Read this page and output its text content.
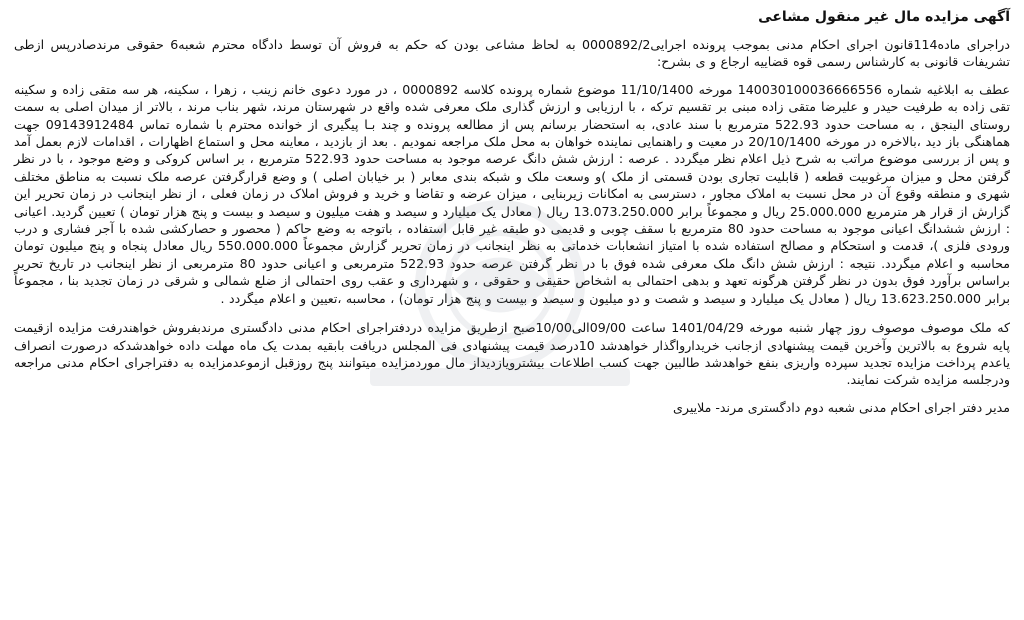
آگهی مزایده مال غیر منقول مشاعی

دراجرای ماده114قانون اجرای احکام مدنی بموجب پرونده اجرایی0000892/2 به لحاظ مشاعی بودن که حکم به فروش آن توسط دادگاه محترم شعبه6 حقوقی مرندصادرپس ازطی تشریفات قانونی به کارشناس رسمی قوه قضاییه ارجاع و ی بشرح:

عطف به ابلاغیه شماره 140030100036666556 مورخه 11/10/1400 موضوع شماره پرونده کلاسه 0000892 ، در مورد دعوی خانم زینب ، زهرا ، سکینه، هر سه متقی زاده و سکینه تقی زاده به طرفیت حیدر و علیرضا متقی زاده مبنی بر تقسیم ترکه ، با ارزیابی و ارزش گذاری ملک معرفی شده واقع در شهرستان مرند، شهر بناب مرند ، بالاتر از میدان اصلی به سمت روستای الینجق ، به مساحت حدود 522.93 مترمربع با سند عادی، به استحضار برسانم پس از مطالعه پرونده و چند بـا پیگیری از خوانده محترم با شماره تماس 09143912484 جهت هماهنگی باز دید ،بالاخره در مورخه 20/10/1400 در معیت و راهنمایی نماینده خواهان به محل ملک مراجعه نمودیم . بعد از بازدید ، معاینه محل و استماع اظهارات ، اقدامات لازم بعمل آمد و پس از بررسی موضوع مراتب به شرح ذیل اعلام نظر میگردد . عرصه : ارزش شش دانگ عرصه موجود به مساحت حدود 522.93 مترمربع ، بر اساس کروکی و وضع موجود ، با در نظر گرفتن محل و میزان مرغوبیت قطعه ( قابلیت تجاری بودن قسمتی از ملک )و وسعت ملک و شبکه بندی معابر ( بر خیابان اصلی ) و وضع قرارگرفتن عرصه ملک نسبت به مناطق مختلف شهری و منطقه وقوع آن در محل نسبت به املاک مجاور ، دسترسی به امکانات زیربنایی ، میزان عرضه و تقاضا و خرید و فروش املاک در زمان فعلی ، از نظر اینجانب در زمان تحریر این گزارش از قرار هر مترمربع 25.000.000 ریال و مجموعاً برابر 13.073.250.000 ریال ( معادل یک میلیارد و سیصد و هفت میلیون و سیصد و بیست و پنج هزار تومان ) تعیین گردید. اعیانی : ارزش ششدانگ اعیانی موجود به مساحت حدود 80 مترمربع با سقف چوبی و قدیمی دو طبقه غیر قابل استفاده ، باتوجه به وضع حاکم ( محصور و حصارکشی شده با آجر فشاری و درب ورودی فلزی )، قدمت و استحکام و مصالح استفاده شده با امتیاز انشعابات خدماتی به نظر اینجانب در زمان تحریر گزارش مجموعاً 550.000.000 ریال معادل پنجاه و پنج میلیون تومان محاسبه و اعلام میگردد. نتیجه : ارزش شش دانگ ملک معرفی شده فوق با در نظر گرفتن عرصه حدود 522.93 مترمربعی و اعیانی حدود 80 مترمربعی از نظر اینجانب در تاریخ تحریر براساس برآورد فوق بدون در نظر گرفتن هرگونه تعهد و بدهی احتمالی به اشخاص حقیقی و حقوقی ، و شهرداری و عقب روی احتمالی از ضلع شمالی و شرقی در زمان تجدید بنا ، مجموعاً برابر 13.623.250.000 ریال ( معادل یک میلیارد و سیصد و شصت و دو میلیون و سیصد و بیست و پنج هزار تومان) ، محاسبه ،تعیین و اعلام میگردد .

که ملک موصوف موصوف روز چهار شنبه مورخه 1401/04/29 ساعت 09/00الی10/00صبح ازطریق مزایده دردفتراجرای احکام مدنی دادگستری مرندبفروش خواهندرفت مزایده ازقیمت پایه شروع به بالاترین وآخرین قیمت پیشنهادی ازجانب خریدارواگذار خواهدشد 10درصد قیمت پیشنهادی فی المجلس دریافت بابقیه بمدت یک ماه مهلت داده خواهدشدکه درصورت انصراف یاعدم پرداخت مزایده تجدید سپرده واریزی بنفع خواهدشد طالبین جهت کسب اطلاعات بیشترویازدیداز مال موردمزایده میتوانند پنج روزقبل ازموعدمزایده به دفتراجرای احکام مدنی مراجعه ودرجلسه مزایده شرکت نمایند.

مدیر دفتر اجرای احکام مدنی شعبه دوم دادگستری مرند- ملاییری
